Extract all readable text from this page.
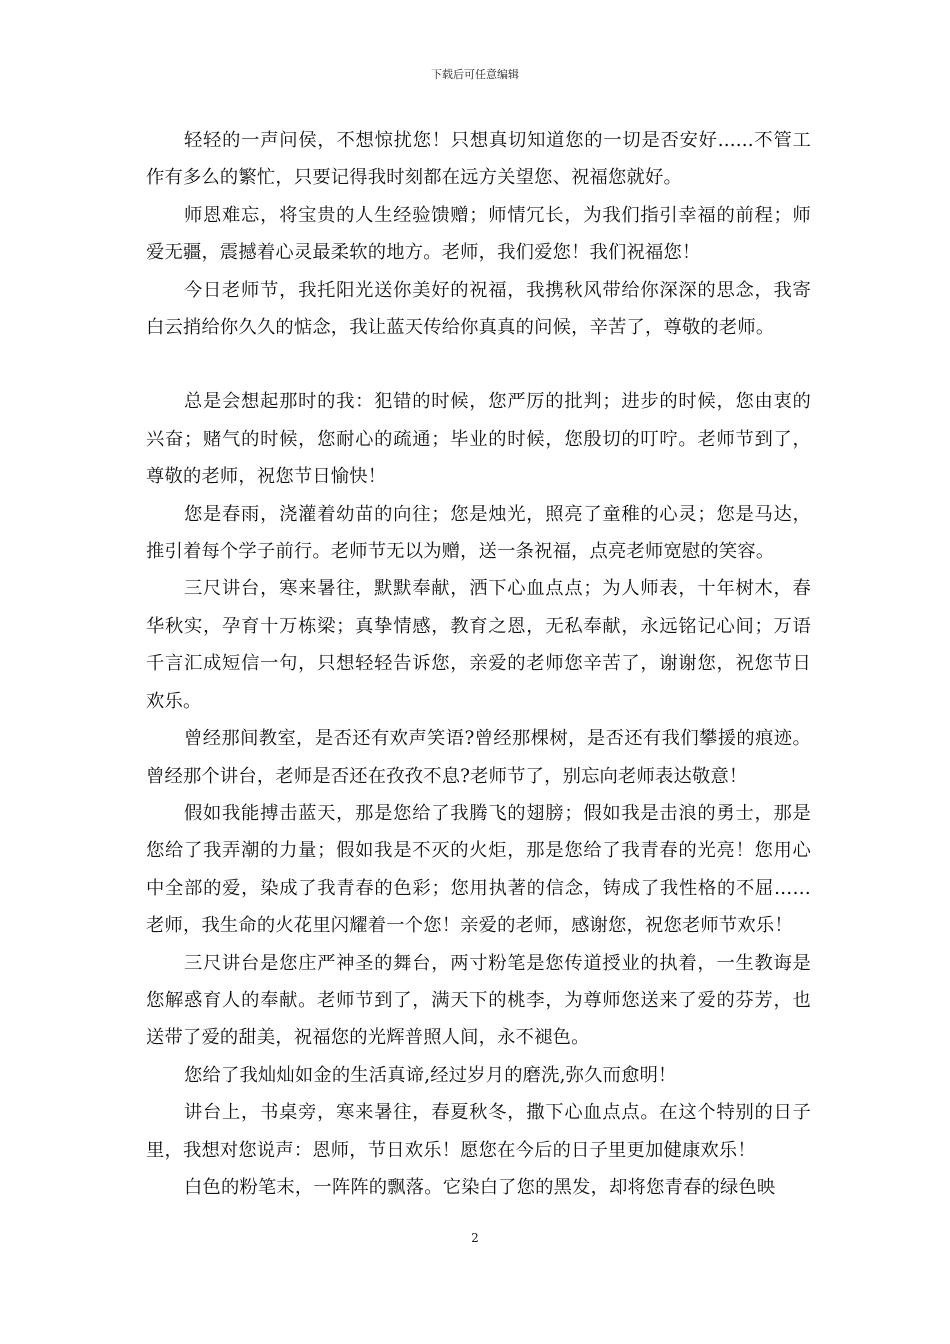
下载后可任意编辑

轻轻的一声问侯，不想惊扰您！只想真切知道您的一切是否安好......不管工作有多么的繁忙，只要记得我时刻都在远方关望您、祝福您就好。

师恩难忘，将宝贵的人生经验馈赠；师情冗长，为我们指引幸福的前程；师爱无疆，震撼着心灵最柔软的地方。老师，我们爱您！我们祝福您！

今日老师节，我托阳光送你美好的祝福，我携秋风带给你深深的思念，我寄白云捎给你久久的惦念，我让蓝天传给你真真的问候，辛苦了，尊敬的老师。

总是会想起那时的我：犯错的时候，您严厉的批判；进步的时候，您由衷的兴奋；赌气的时候，您耐心的疏通；毕业的时候，您殷切的叮咛。老师节到了，尊敬的老师，祝您节日愉快！

您是春雨，浇灌着幼苗的向往；您是烛光，照亮了童稚的心灵；您是马达，推引着每个学子前行。老师节无以为赠，送一条祝福，点亮老师宽慰的笑容。

三尺讲台，寒来暑往，默默奉献，洒下心血点点；为人师表，十年树木，春华秋实，孕育十万栋梁；真挚情感，教育之恩，无私奉献，永远铭记心间；万语千言汇成短信一句，只想轻轻告诉您，亲爱的老师您辛苦了，谢谢您，祝您节日欢乐。

曾经那间教室，是否还有欢声笑语?曾经那棵树，是否还有我们攀援的痕迹。曾经那个讲台，老师是否还在孜孜不息?老师节了，别忘向老师表达敬意！

假如我能搏击蓝天，那是您给了我腾飞的翅膀；假如我是击浪的勇士，那是您给了我弄潮的力量；假如我是不灭的火炬，那是您给了我青春的光亮！您用心中全部的爱，染成了我青春的色彩；您用执著的信念，铸成了我性格的不屈……老师，我生命的火花里闪耀着一个您！亲爱的老师，感谢您，祝您老师节欢乐！

三尺讲台是您庄严神圣的舞台，两寸粉笔是您传道授业的执着，一生教诲是您解惑育人的奉献。老师节到了，满天下的桃李，为尊师您送来了爱的芬芳，也送带了爱的甜美，祝福您的光辉普照人间，永不褪色。

您给了我灿灿如金的生活真谛,经过岁月的磨洗,弥久而愈明！

讲台上，书桌旁，寒来暑往，春夏秋冬，撒下心血点点。在这个特别的日子里，我想对您说声：恩师，节日欢乐！愿您在今后的日子里更加健康欢乐！

白色的粉笔末，一阵阵的飘落。它染白了您的黑发，却将您青春的绿色映

2
